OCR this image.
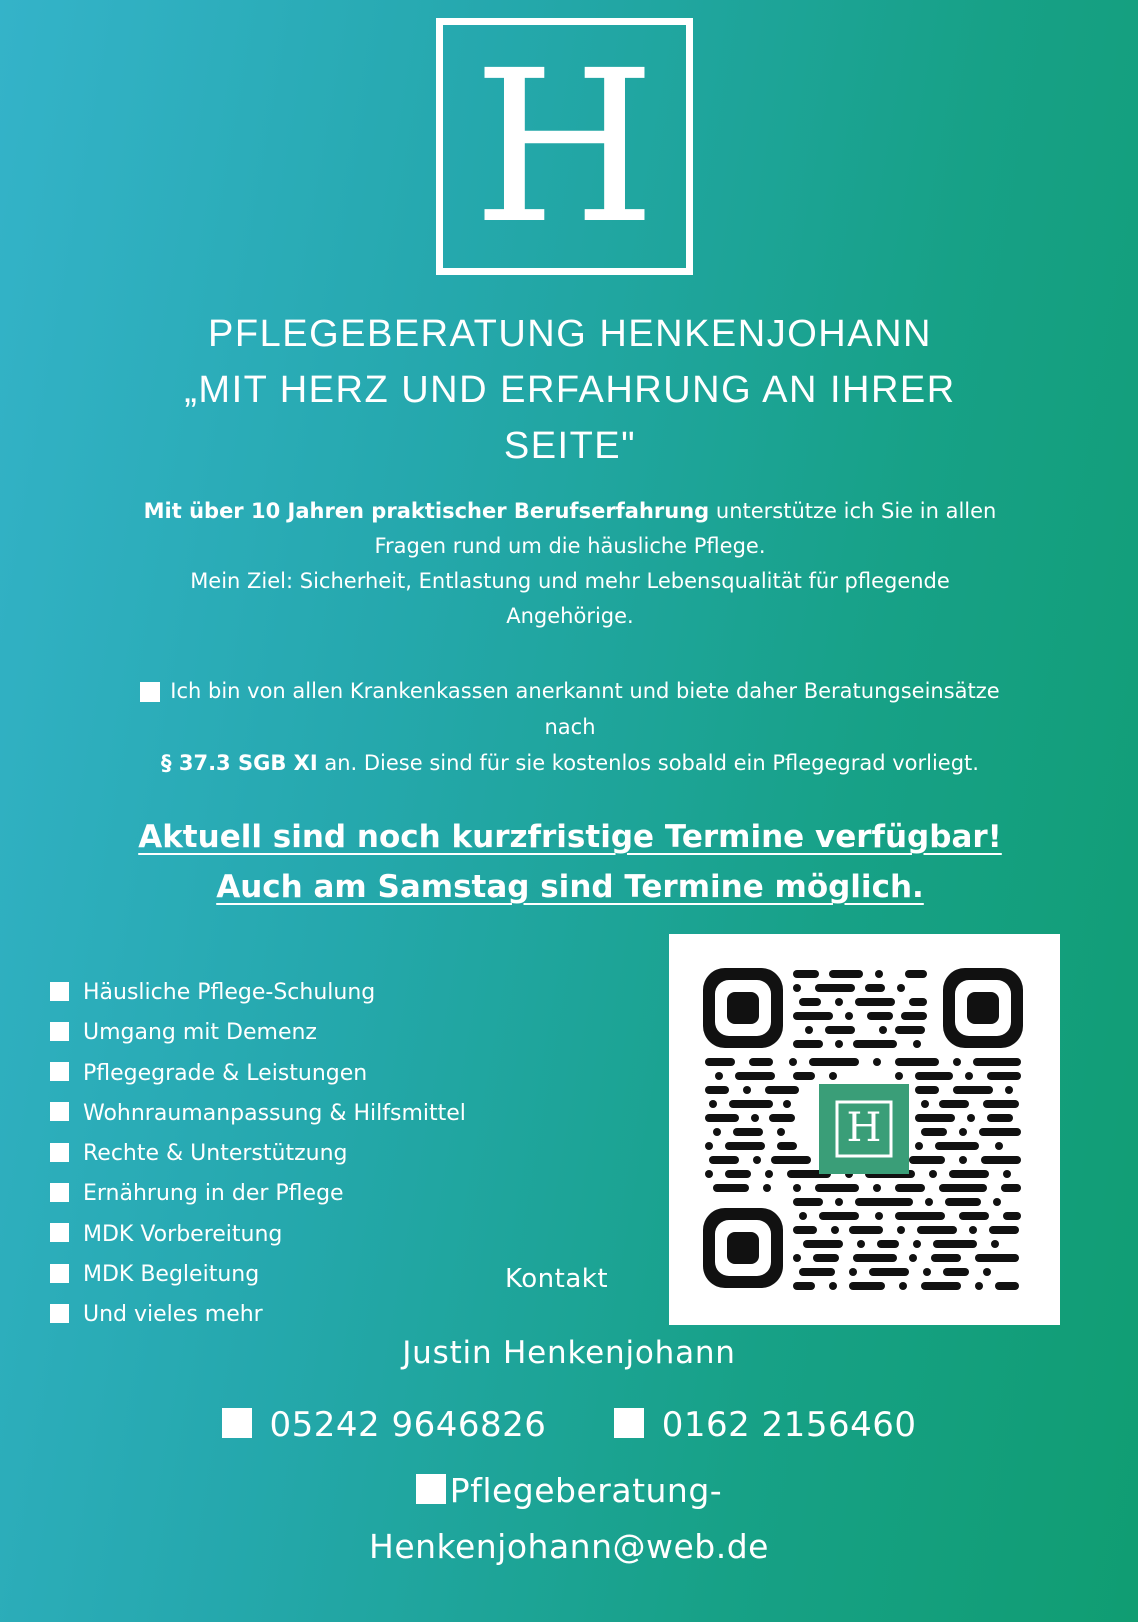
H
PFLEGEBERATUNG HENKENJOHANN
„MIT HERZ UND ERFAHRUNG AN IHRER
SEITE"
Mit über 10 Jahren praktischer Berufserfahrung unterstütze ich Sie in allen
Fragen rund um die häusliche Pflege.
Mein Ziel: Sicherheit, Entlastung und mehr Lebensqualität für pflegende
Angehörige.
Ich bin von allen Krankenkassen anerkannt und biete daher Beratungseinsätze
nach
§ 37.3 SGB XI an. Diese sind für sie kostenlos sobald ein Pflegegrad vorliegt.
Aktuell sind noch kurzfristige Termine verfügbar!
Auch am Samstag sind Termine möglich.
Häusliche Pflege-Schulung
Umgang mit Demenz
Pflegegrade & Leistungen
Wohnraumanpassung & Hilfsmittel
Rechte & Unterstützung
Ernährung in der Pflege
MDK Vorbereitung
MDK Begleitung
Und vieles mehr
H
Kontakt
Justin Henkenjohann
05242 9646826	0162 2156460
Pflegeberatung-
Henkenjohann@web.de
